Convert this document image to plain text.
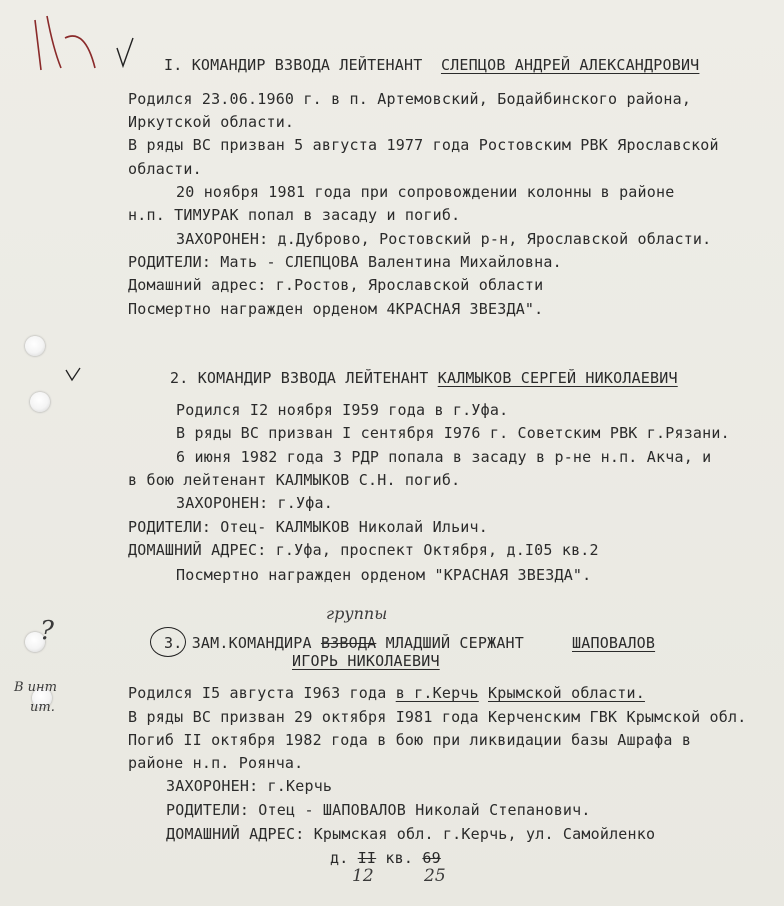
I. КОМАНДИР ВЗВОДА ЛЕЙТЕНАНТ СЛЕПЦОВ АНДРЕЙ АЛЕКСАНДРОВИЧ
Родился 23.06.1960 г. в п. Артемовский, Бодайбинского района,
Иркутской области.
В ряды ВС призван 5 августа 1977 года Ростовским РВК Ярославской
области.
20 ноября 1981 года при сопровождении колонны в районе
н.п. ТИМУРАК попал в засаду и погиб.
ЗАХОРОНЕН: д.Дуброво, Ростовский р-н, Ярославской области.
РОДИТЕЛИ: Мать - СЛЕПЦОВА Валентина Михайловна.
Домашний адрес: г.Ростов, Ярославской области
Посмертно награжден орденом 4КРАСНАЯ ЗВЕЗДА".
2. КОМАНДИР ВЗВОДА ЛЕЙТЕНАНТ КАЛМЫКОВ СЕРГЕЙ НИКОЛАЕВИЧ
Родился I2 ноября I959 года в г.Уфа.
В ряды ВС призван I сентября I976 г. Советским РВК г.Рязани.
6 июня 1982 года 3 РДР попала в засаду в р-не н.п. Акча, и
в бою лейтенант КАЛМЫКОВ С.Н. погиб.
ЗАХОРОНЕН: г.Уфа.
РОДИТЕЛИ: Отец- КАЛМЫКОВ Николай Ильич.
ДОМАШНИЙ АДРЕС: г.Уфа, проспект Октября, д.I05 кв.2
Посмертно награжден орденом "КРАСНАЯ ЗВЕЗДА".
группы
3. ЗАМ.КОМАНДИРА ВЗВОДА МЛАДШИЙ СЕРЖАНТ	ШАПОВАЛОВ
ИГОРЬ НИКОЛАЕВИЧ
Родился I5 августа I963 года в г.Керчь Крымской области.
В ряды ВС призван 29 октября I981 года Керченским ГВК Крымской обл.
Погиб II октября 1982 года в бою при ликвидации базы Ашрафа в
районе н.п. Роянча.
ЗАХОРОНЕН: г.Керчь
РОДИТЕЛИ: Отец - ШАПОВАЛОВ Николай Степанович.
ДОМАШНИЙ АДРЕС: Крымская обл. г.Керчь, ул. Самойленко
д. II кв. 69
12	25
?
В инт
ит.
